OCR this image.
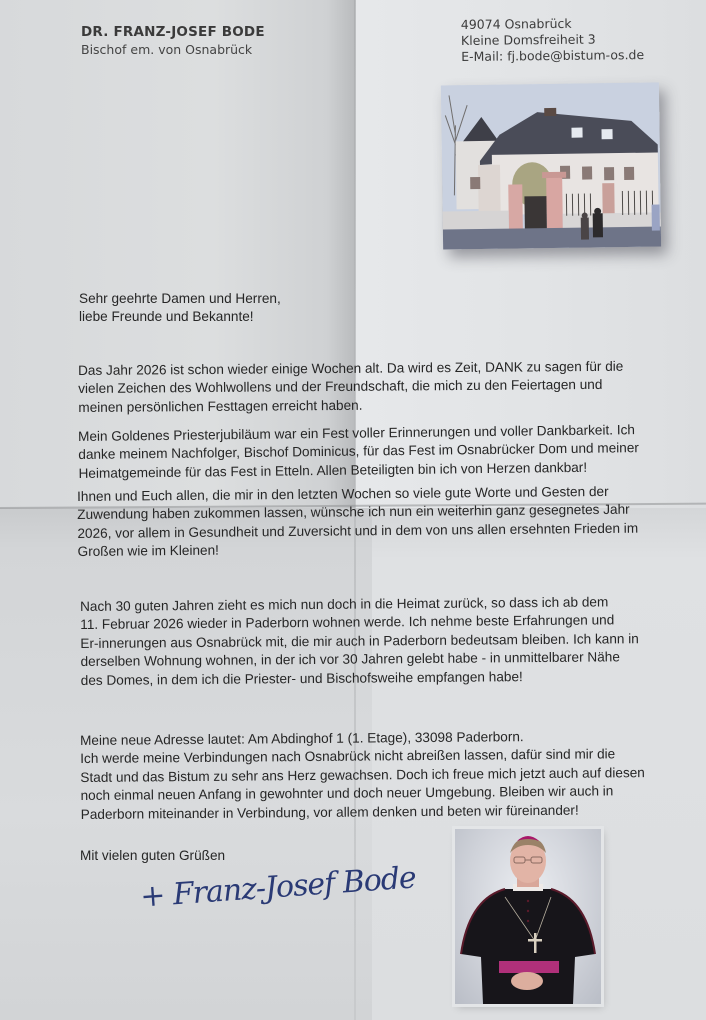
DR. FRANZ-JOSEF BODE
Bischof em. von Osnabrück
49074 Osnabrück
Kleine Domsfreiheit 3
E-Mail: fj.bode@bistum-os.de
Sehr geehrte Damen und Herren,
liebe Freunde und Bekannte!
Das Jahr 2026 ist schon wieder einige Wochen alt. Da wird es Zeit, DANK zu sagen für die
vielen Zeichen des Wohlwollens und der Freundschaft, die mich zu den Feiertagen und
meinen persönlichen Festtagen erreicht haben.
Mein Goldenes Priesterjubiläum war ein Fest voller Erinnerungen und voller Dankbarkeit. Ich
danke meinem Nachfolger, Bischof Dominicus, für das Fest im Osnabrücker Dom und meiner
Heimatgemeinde für das Fest in Etteln. Allen Beteiligten bin ich von Herzen dankbar!
Ihnen und Euch allen, die mir in den letzten Wochen so viele gute Worte und Gesten der
Zuwendung haben zukommen lassen, wünsche ich nun ein weiterhin ganz gesegnetes Jahr
2026, vor allem in Gesundheit und Zuversicht und in dem von uns allen ersehnten Frieden im
Großen wie im Kleinen!
Nach 30 guten Jahren zieht es mich nun doch in die Heimat zurück, so dass ich ab dem
11. Februar 2026 wieder in Paderborn wohnen werde. Ich nehme beste Erfahrungen und
Er-innerungen aus Osnabrück mit, die mir auch in Paderborn bedeutsam bleiben. Ich kann in
derselben Wohnung wohnen, in der ich vor 30 Jahren gelebt habe - in unmittelbarer Nähe
des Domes, in dem ich die Priester- und Bischofsweihe empfangen habe!
Meine neue Adresse lautet: Am Abdinghof 1 (1. Etage), 33098 Paderborn.
Ich werde meine Verbindungen nach Osnabrück nicht abreißen lassen, dafür sind mir die
Stadt und das Bistum zu sehr ans Herz gewachsen. Doch ich freue mich jetzt auch auf diesen
noch einmal neuen Anfang in gewohnter und doch neuer Umgebung. Bleiben wir auch in
Paderborn miteinander in Verbindung, vor allem denken und beten wir füreinander!
Mit vielen guten Grüßen
+ Franz-Josef Bode
